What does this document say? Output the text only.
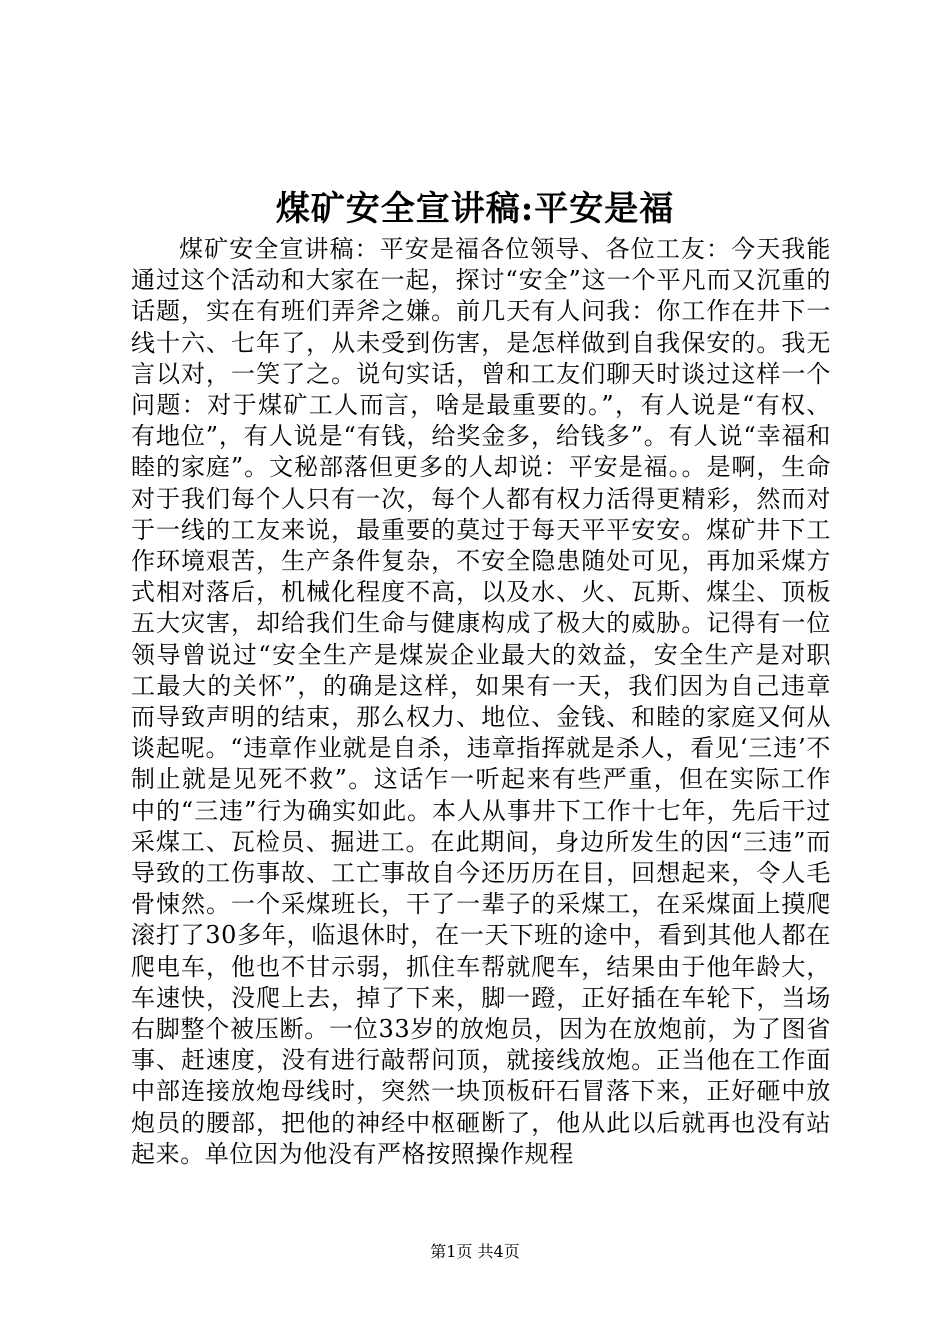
煤矿安全宣讲稿:平安是福

煤矿安全宣讲稿：平安是福各位领导、各位工友：今天我能通过这个活动和大家在一起，探讨“安全”这一个平凡而又沉重的话题，实在有班们弄斧之嫌。前几天有人问我：你工作在井下一线十六、七年了，从未受到伤害，是怎样做到自我保安的。我无言以对，一笑了之。说句实话，曾和工友们聊天时谈过这样一个问题：对于煤矿工人而言，啥是最重要的。”，有人说是“有权、有地位”，有人说是“有钱，给奖金多，给钱多”。有人说“幸福和睦的家庭”。文秘部落但更多的人却说：平安是福。。是啊，生命对于我们每个人只有一次，每个人都有权力活得更精彩，然而对于一线的工友来说，最重要的莫过于每天平平安安。煤矿井下工作环境艰苦，生产条件复杂，不安全隐患随处可见，再加采煤方式相对落后，机械化程度不高，以及水、火、瓦斯、煤尘、顶板五大灾害，却给我们生命与健康构成了极大的威胁。记得有一位领导曾说过“安全生产是煤炭企业最大的效益，安全生产是对职工最大的关怀”，的确是这样，如果有一天，我们因为自己违章而导致声明的结束，那么权力、地位、金钱、和睦的家庭又何从谈起呢。“违章作业就是自杀，违章指挥就是杀人，看见‘三违’不制止就是见死不救”。这话乍一听起来有些严重，但在实际工作中的“三违”行为确实如此。本人从事井下工作十七年，先后干过采煤工、瓦检员、掘进工。在此期间，身边所发生的因“三违”而导致的工伤事故、工亡事故自今还历历在目，回想起来，令人毛骨悚然。一个采煤班长，干了一辈子的采煤工，在采煤面上摸爬滚打了30多年，临退休时，在一天下班的途中，看到其他人都在爬电车，他也不甘示弱，抓住车帮就爬车，结果由于他年龄大，车速快，没爬上去，掉了下来，脚一蹬，正好插在车轮下，当场右脚整个被压断。一位33岁的放炮员，因为在放炮前，为了图省事、赶速度，没有进行敲帮问顶，就接线放炮。正当他在工作面中部连接放炮母线时，突然一块顶板矸石冒落下来，正好砸中放炮员的腰部，把他的神经中枢砸断了，他从此以后就再也没有站起来。单位因为他没有严格按照操作规程

第1页 共4页
